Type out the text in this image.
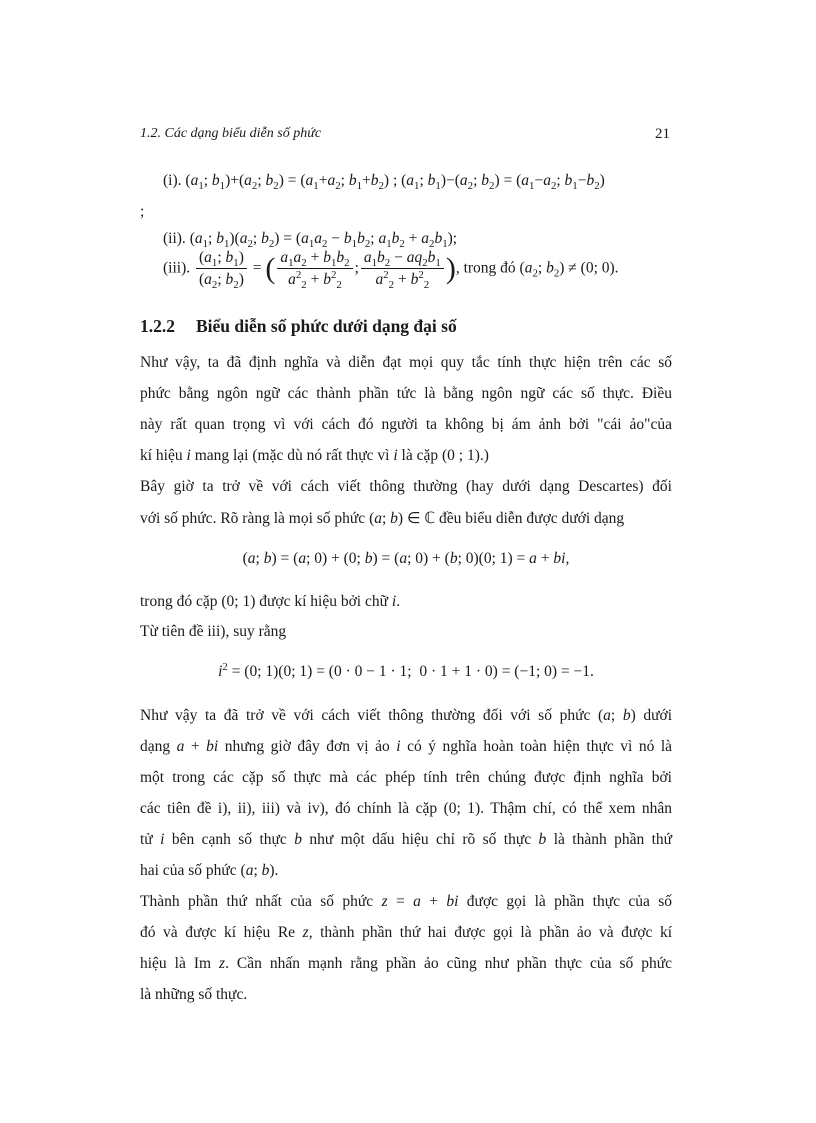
1.2. Các dạng biểu diễn số phức	21
(i). ($a_1$; $b_1)+(a_2$; $b_2) = (a_1+a_2$; $b_1+b_2$) ; ($a_1$; $b_1)-(a_2$; $b_2) = (a_1-a_2$; $b_1-b_2$)
;
(ii). ($a_1$; $b_1)(a_2$; $b_2) = (a_1a_2 - b_1b_2$; $a_1b_2 + a_2b_1$);
(iii). $\frac{(a_1; b_1)}{(a_2; b_2)}$ = ( $\frac{a_1a_2 + b_1b_2}{a^2_2 + b^2_2}$ ; $\frac{a_1b_2 - aq_2b_1}{a^2_2 + b^2_2}$ ), trong đó ($a_2$; $b_2) \ne (0$; 0).
1.2.2 Biểu diễn số phức dưới dạng đại số
Như vậy, ta đã định nghĩa và diễn đạt mọi quy tắc tính thực hiện trên các số
phức bằng ngôn ngữ các thành phần tức là bằng ngôn ngữ các số thực. Điều
này rất quan trọng vì với cách đó người ta không bị ám ảnh bởi "cái ảo"của
kí hiệu i mang lại (mặc dù nó rất thực vì i là cặp (0 ; 1).)
Bây giờ ta trở về với cách viết thông thường (hay dưới dạng Descartes) đối
với số phức. Rõ ràng là mọi số phức (a; b) ∈ ℂ đều biểu diễn được dưới dạng
(a; b) = (a; 0) + (0; b) = (a; 0) + (b; 0)(0; 1) = a + bi,
trong đó cặp (0; 1) được kí hiệu bởi chữ i.
Từ tiên đề iii), suy rằng
$i^2 = (0$; 1)(0; 1) = (0 · 0 − 1 · 1;  0 · 1 + 1 · 0) = (−1; 0) = −1.
Như vậy ta đã trở về với cách viết thông thường đối với số phức (a; b) dưới
dạng a + bi nhưng giờ đây đơn vị ảo i có ý nghĩa hoàn toàn hiện thực vì nó là
một trong các cặp số thực mà các phép tính trên chúng được định nghĩa bởi
các tiên đề i), ii), iii) và iv), đó chính là cặp (0; 1). Thậm chí, có thể xem nhân
tử i bên cạnh số thực b như một dấu hiệu chỉ rõ số thực b là thành phần thứ
hai của số phức (a; b).
Thành phần thứ nhất của số phức z = a + bi được gọi là phần thực của số
đó và được kí hiệu Re z, thành phần thứ hai được gọi là phần ảo và được kí
hiệu là Im z. Cần nhấn mạnh rằng phần ảo cũng như phần thực của số phức
là những số thực.
